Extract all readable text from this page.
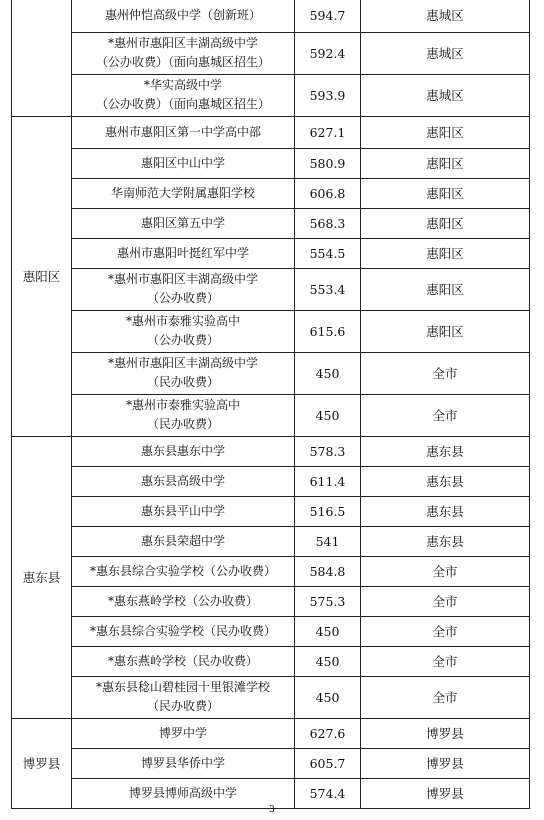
	惠州仲恺高级中学（创新班）	594.7	惠城区
	*惠州市惠阳区丰湖高级中学
（公办收费）（面向惠城区招生）	592.4	惠城区
	*华实高级中学
（公办收费）（面向惠城区招生）	593.9	惠城区
惠阳区	惠州市惠阳区第一中学高中部	627.1	惠阳区
	惠阳区中山中学	580.9	惠阳区
	华南师范大学附属惠阳学校	606.8	惠阳区
	惠阳区第五中学	568.3	惠阳区
	惠州市惠阳叶挺红军中学	554.5	惠阳区
	*惠州市惠阳区丰湖高级中学
（公办收费）	553.4	惠阳区
	*惠州市泰雅实验高中
（公办收费）	615.6	惠阳区
	*惠州市惠阳区丰湖高级中学
（民办收费）	450	全市
	*惠州市泰雅实验高中
（民办收费）	450	全市
惠东县	惠东县惠东中学	578.3	惠东县
	惠东县高级中学	611.4	惠东县
	惠东县平山中学	516.5	惠东县
	惠东县荣超中学	541	惠东县
	*惠东县综合实验学校（公办收费）	584.8	全市
	*惠东燕岭学校（公办收费）	575.3	全市
	*惠东县综合实验学校（民办收费）	450	全市
	*惠东燕岭学校（民办收费）	450	全市
	*惠东县稔山碧桂园十里银滩学校
（民办收费）	450	全市
博罗县	博罗中学	627.6	博罗县
	博罗县华侨中学	605.7	博罗县
	博罗县博师高级中学	574.4	博罗县
3
